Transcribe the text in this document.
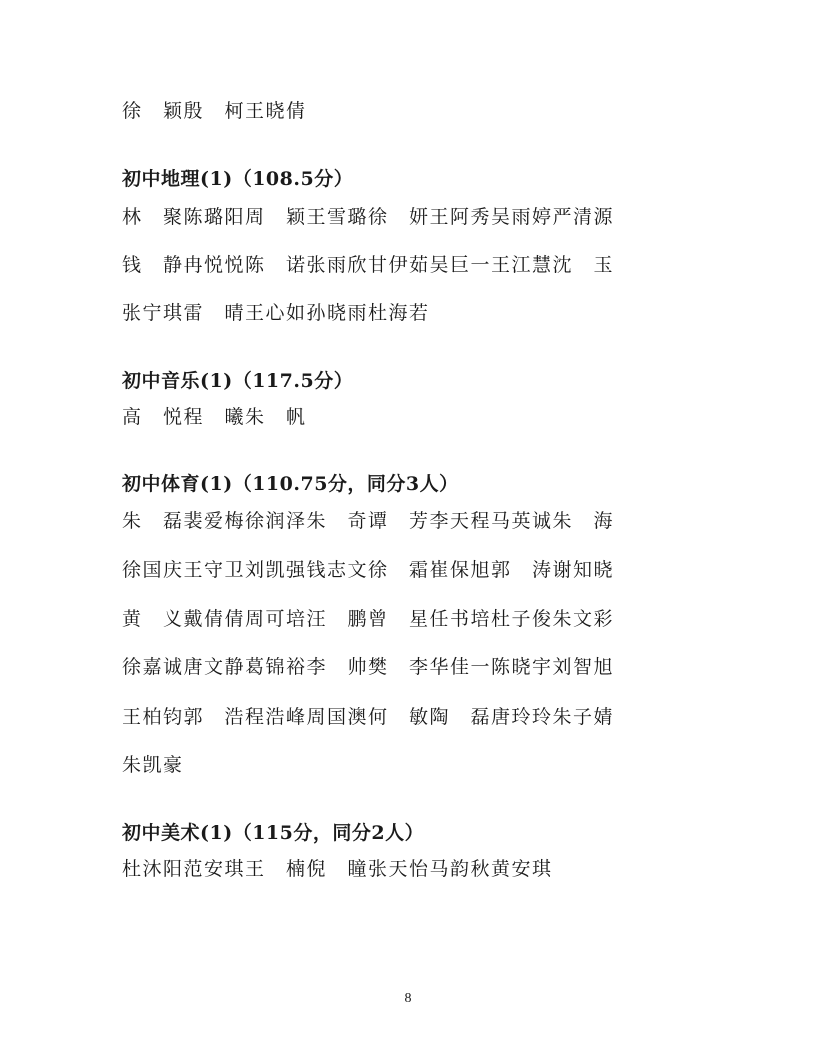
徐　颖殷　柯王晓倩
初中地理(1)（108.5分）
林　聚陈璐阳周　颖王雪璐徐　妍王阿秀吴雨婷严清源
钱　静冉悦悦陈　诺张雨欣甘伊茹吴巨一王江慧沈　玉
张宁琪雷　晴王心如孙晓雨杜海若
初中音乐(1)（117.5分）
高　悦程　曦朱　帆
初中体育(1)（110.75分，同分3人）
朱　磊裴爱梅徐润泽朱　奇谭　芳李天程马英诚朱　海
徐国庆王守卫刘凯强钱志文徐　霜崔保旭郭　涛谢知晓
黄　义戴倩倩周可培汪　鹏曾　星任书培杜子俊朱文彩
徐嘉诚唐文静葛锦裕李　帅樊　李华佳一陈晓宇刘智旭
王柏钧郭　浩程浩峰周国澳何　敏陶　磊唐玲玲朱子婧
朱凯豪
初中美术(1)（115分，同分2人）
杜沐阳范安琪王　楠倪　瞳张天怡马韵秋黄安琪
8
